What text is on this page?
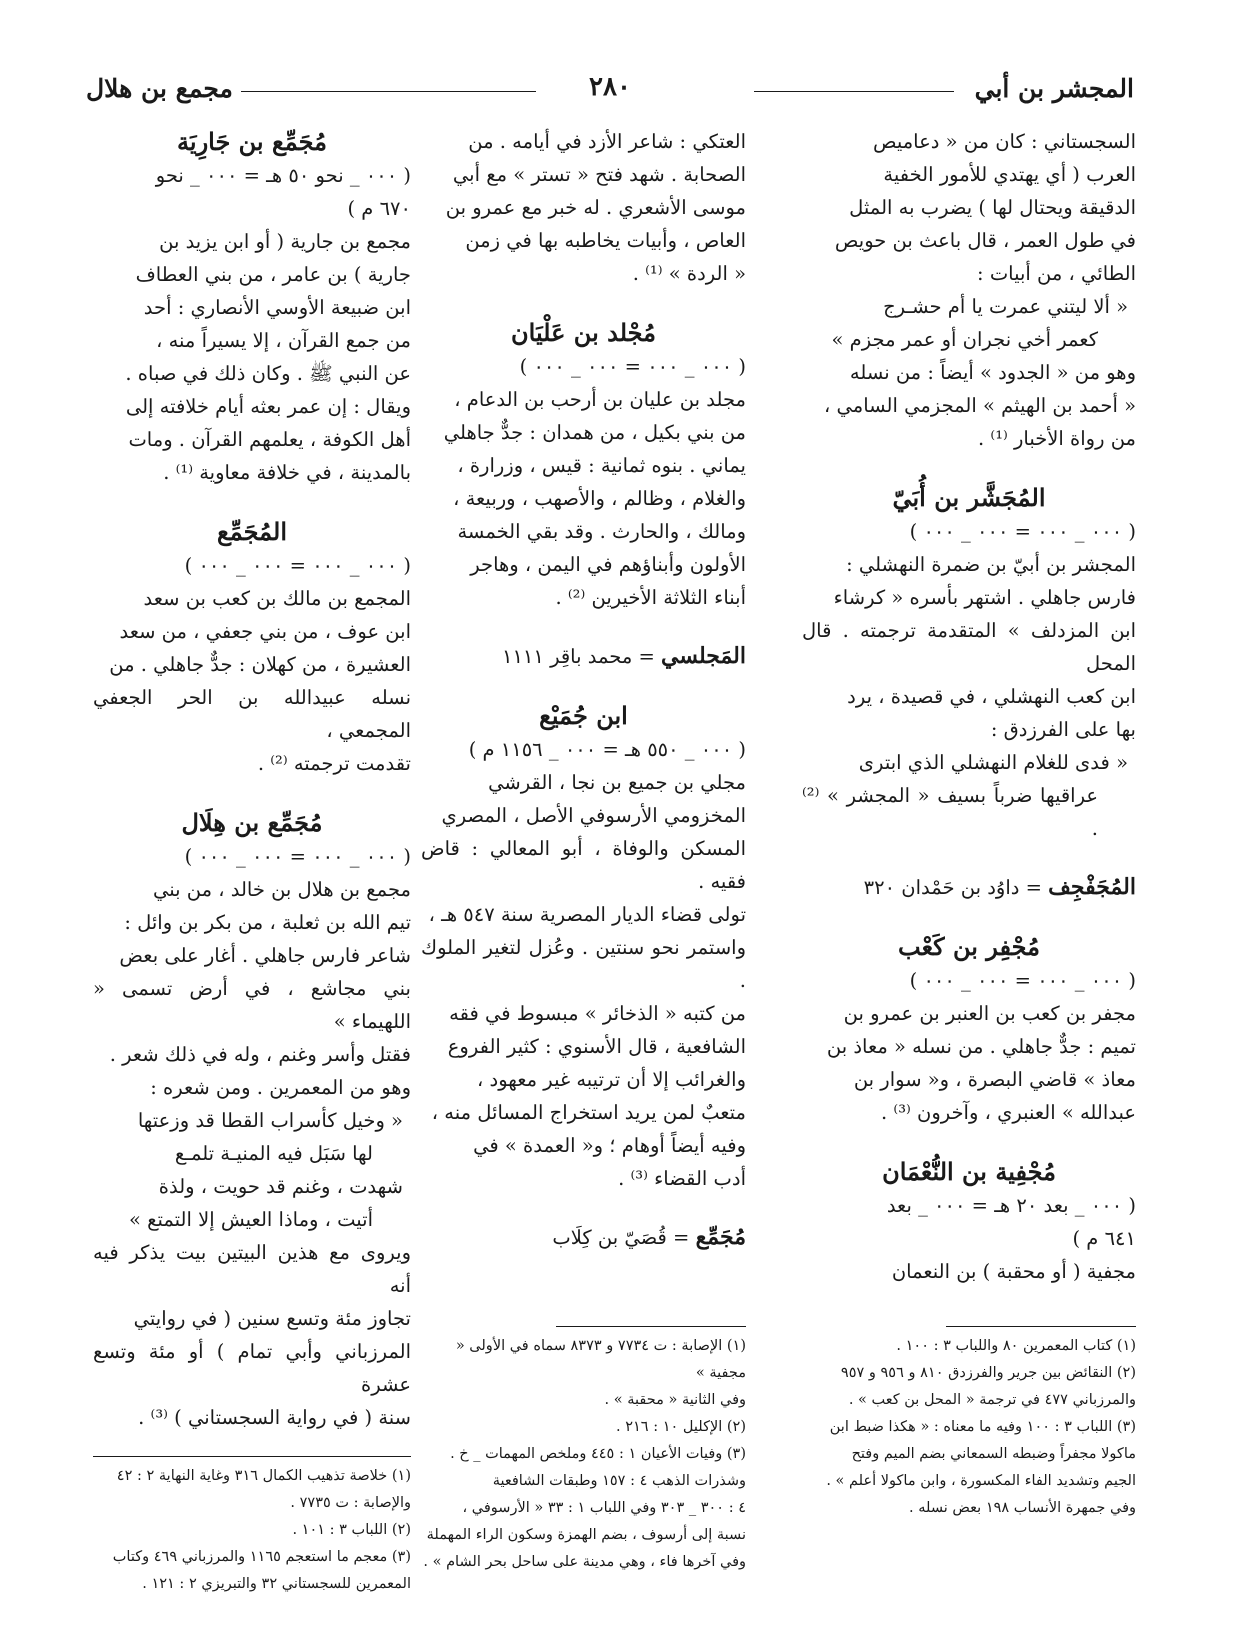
المجشر بن أبي
٢٨٠
مجمع بن هلال

السجستاني : كان من « دعاميص

العرب ( أي يهتدي للأمور الخفية

الدقيقة ويحتال لها ) يضرب به المثل

في طول العمر ، قال باعث بن حويص

الطائي ، من أبيات :

« ألا ليتني عمرت يا أم حشـرج

كعمر أخي نجران أو عمر مجزم »

وهو من « الجدود » أيضاً : من نسله

« أحمد بن الهيثم » المجزمي السامي ،

من رواة الأخبار ⁽¹⁾ .

المُجَشَّر بن أُبَيّ

( ٠٠٠ _ ٠٠٠ = ٠٠٠ _ ٠٠٠ )

المجشر بن أبيّ بن ضمرة النهشلي :

فارس جاهلي . اشتهر بأسره « كرشاء

ابن المزدلف » المتقدمة ترجمته . قال المحل

ابن كعب النهشلي ، في قصيدة ، يرد

بها على الفرزدق :

« فدى للغلام النهشلي الذي ابترى

عراقيها ضرباً بسيف « المجشر » ⁽²⁾ .

المُجَفْجِف = داوُد بن حَمْدان ٣٢٠

مُجْفِر بن كَعْب

( ٠٠٠ _ ٠٠٠ = ٠٠٠ _ ٠٠٠ )

مجفر بن كعب بن العنبر بن عمرو بن

تميم : جدٌّ جاهلي . من نسله « معاذ بن

معاذ » قاضي البصرة ، و« سوار بن

عبدالله » العنبري ، وآخرون ⁽³⁾ .

مُجْفِية بن النُّعْمَان

( ٠٠٠ _ بعد ٢٠ هـ = ٠٠٠ _ بعد

٦٤١ م )

مجفية ( أو محقبة ) بن النعمان

العتكي : شاعر الأزد في أيامه . من

الصحابة . شهد فتح « تستر » مع أبي

موسى الأشعري . له خبر مع عمرو بن

العاص ، وأبيات يخاطبه بها في زمن

« الردة » ⁽¹⁾ .

مُجْلد بن عَلْيَان

( ٠٠٠ _ ٠٠٠ = ٠٠٠ _ ٠٠٠ )

مجلد بن عليان بن أرحب بن الدعام ،

من بني بكيل ، من همدان : جدٌّ جاهلي

يماني . بنوه ثمانية : قيس ، وزرارة ،

والغلام ، وظالم ، والأصهب ، وربيعة ،

ومالك ، والحارث . وقد بقي الخمسة

الأولون وأبناؤهم في اليمن ، وهاجر

أبناء الثلاثة الأخيرين ⁽²⁾ .

المَجلسي = محمد باقِر ١١١١

ابن جُمَيْع

( ٠٠٠ _ ٥٥٠ هـ = ٠٠٠ _ ١١٥٦ م )

مجلي بن جميع بن نجا ، القرشي

المخزومي الأرسوفي الأصل ، المصري

المسكن والوفاة ، أبو المعالي : قاض فقيه .

تولى قضاء الديار المصرية سنة ٥٤٧ هـ ،

واستمر نحو سنتين . وعُزل لتغير الملوك .

من كتبه « الذخائر » مبسوط في فقه

الشافعية ، قال الأسنوي : كثير الفروع

والغرائب إلا أن ترتيبه غير معهود ،

متعبٌ لمن يريد استخراج المسائل منه ،

وفيه أيضاً أوهام ؛ و« العمدة » في

أدب القضاء ⁽³⁾ .

مُجَمِّع = قُصَيّ بن كِلَاب

مُجَمِّع بن جَارِيَة

( ٠٠٠ _ نحو ٥٠ هـ = ٠٠٠ _ نحو

٦٧٠ م )

مجمع بن جارية ( أو ابن يزيد بن

جارية ) بن عامر ، من بني العطاف

ابن ضبيعة الأوسي الأنصاري : أحد

من جمع القرآن ، إلا يسيراً منه ،

عن النبي ﷺ . وكان ذلك في صباه .

ويقال : إن عمر بعثه أيام خلافته إلى

أهل الكوفة ، يعلمهم القرآن . ومات

بالمدينة ، في خلافة معاوية ⁽¹⁾ .

المُجَمِّع

( ٠٠٠ _ ٠٠٠ = ٠٠٠ _ ٠٠٠ )

المجمع بن مالك بن كعب بن سعد

ابن عوف ، من بني جعفي ، من سعد

العشيرة ، من كهلان : جدٌّ جاهلي . من

نسله عبيدالله بن الحر الجعفي المجمعي ،

تقدمت ترجمته ⁽²⁾ .

مُجَمِّع بن هِلَال

( ٠٠٠ _ ٠٠٠ = ٠٠٠ _ ٠٠٠ )

مجمع بن هلال بن خالد ، من بني

تيم الله بن ثعلبة ، من بكر بن وائل :

شاعر فارس جاهلي . أغار على بعض

بني مجاشع ، في أرض تسمى « اللهيماء »

فقتل وأسر وغنم ، وله في ذلك شعر .

وهو من المعمرين . ومن شعره :

« وخيل كأسراب القطا قد وزعتها

لها سَبَل فيه المنيـة تلمـع

شهدت ، وغنم قد حويت ، ولذة

أتيت ، وماذا العيش إلا التمتع »

ويروى مع هذين البيتين بيت يذكر فيه أنه

تجاوز مئة وتسع سنين ( في روايتي

المرزباني وأبي تمام ) أو مئة وتسع عشرة

سنة ( في رواية السجستاني ) ⁽³⁾ .

(١) كتاب المعمرين ٨٠ واللباب ٣ : ١٠٠ .

(٢) النقائض بين جرير والفرزدق ٨١٠ و ٩٥٦ و ٩٥٧

والمرزباني ٤٧٧ في ترجمة « المحل بن كعب » .

(٣) اللباب ٣ : ١٠٠ وفيه ما معناه : « هكذا ضبط ابن

ماكولا مجفراً وضبطه السمعاني بضم الميم وفتح

الجيم وتشديد الفاء المكسورة ، وابن ماكولا أعلم » .

وفي جمهرة الأنساب ١٩٨ بعض نسله .

(١) الإصابة : ت ٧٧٣٤ و ٨٣٧٣ سماه في الأولى « مجفية »

وفي الثانية « محقبة » .

(٢) الإكليل ١٠ : ٢١٦ .

(٣) وفيات الأعيان ١ : ٤٤٥ وملخص المهمات _ خ .

وشذرات الذهب ٤ : ١٥٧ وطبقات الشافعية

٤ : ٣٠٠ _ ٣٠٣ وفي اللباب ١ : ٣٣ « الأرسوفي ،

نسبة إلى أرسوف ، بضم الهمزة وسكون الراء المهملة

وفي آخرها فاء ، وهي مدينة على ساحل بحر الشام » .

(١) خلاصة تذهيب الكمال ٣١٦ وغاية النهاية ٢ : ٤٢

والإصابة : ت ٧٧٣٥ .

(٢) اللباب ٣ : ١٠١ .

(٣) معجم ما استعجم ١١٦٥ والمرزباني ٤٦٩ وكتاب

المعمرين للسجستاني ٣٢ والتبريزي ٢ : ١٢١ .
